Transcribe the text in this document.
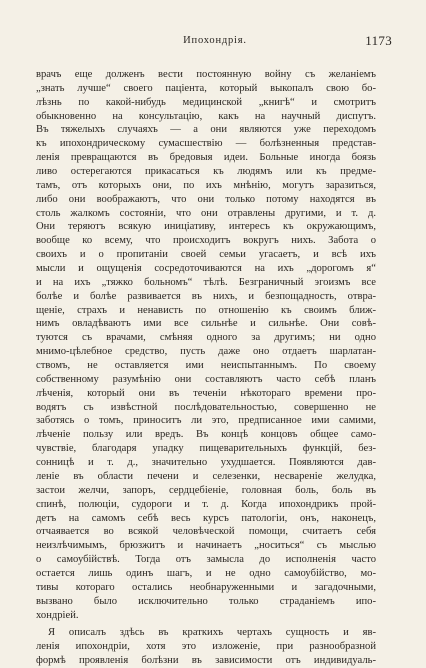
Ипохондрія.	1173
врачъ еще долженъ вести постоянную войну съ желаніемъ
„знать лучше“ своего паціента, который выкопалъ свою бо-
лѣзнь по какой-нибудь медицинской „книгѣ“ и смотритъ
обыкновенно на консультацію, какъ на научный диспутъ.
Въ тяжелыхъ случаяхъ — а они являются уже переходомъ
къ ипохондрическому сумасшествію — болѣзненныя представ-
ленія превращаются въ бредовыя идеи. Больные иногда боязь
ливо остерегаются прикасаться къ людямъ или къ предме-
тамъ, отъ которыхъ они, по ихъ мнѣнію, могутъ заразиться,
либо они воображаютъ, что они только потому находятся въ
столь жалкомъ состояніи, что они отравлены другими, и т. д.
Они теряютъ всякую иниціативу, интересъ къ окружающимъ,
вообще ко всему, что происходитъ вокругъ нихъ. Забота о
своихъ и о пропитаніи своей семьи угасаетъ, и всѣ ихъ
мысли и ощущенія сосредоточиваются на ихъ „дорогомъ я“
и на ихъ „тяжко больномъ“ тѣлѣ. Безграничный эгоизмъ все
болѣе и болѣе развивается въ нихъ, и безпощадность, отвра-
щеніе, страхъ и ненависть по отношенію къ своимъ ближ-
нимъ овладѣваютъ ими все сильнѣе и сильнѣе. Они совѣ-
туются съ врачами, смѣняя одного за другимъ; ни одно
мнимо-цѣлебное средство, пусть даже оно отдаетъ шарлатан-
ствомъ, не оставляется ими неиспытаннымъ. По своему
собственному разумѣнію они составляютъ часто себѣ планъ
лѣченія, который они въ теченіи нѣкотораго времени про-
водятъ съ извѣстной послѣдовательностью, совершенно не
заботясь о томъ, приноситъ ли это, предписанное ими самими,
лѣченіе пользу или вредъ. Въ концѣ концовъ общее само-
чувствіе, благодаря упадку пищеварительныхъ функцій, без-
сонницѣ и т. д., значительно ухудшается. Появляются дав-
леніе въ области печени и селезенки, несвареніе желудка,
застои желчи, запоръ, сердцебіеніе, головная боль, боль въ
спинѣ, полюціи, судороги и т. д. Когда ипохондрикъ прой-
детъ на самомъ себѣ весь курсъ патологіи, онъ, наконецъ,
отчаявается во всякой человѣческой помощи, считаетъ себя
неизлѣчимымъ, брюзжитъ и начинаетъ „носиться“ съ мыслью
о самоубійствѣ. Тогда отъ замысла до исполненія часто
остается лишь одинъ шагъ, и не одно самоубійство, мо-
тивы котораго остались необнаруженными и загадочными,
вызвано было исключительно только страданіемъ ипо-
хондріей.
Я описалъ здѣсь въ краткихъ чертахъ сущность и яв-
ленія ипохондріи, хотя это изложеніе, при разнообразной
формѣ проявленія болѣзни въ зависимости отъ индивидуаль-
